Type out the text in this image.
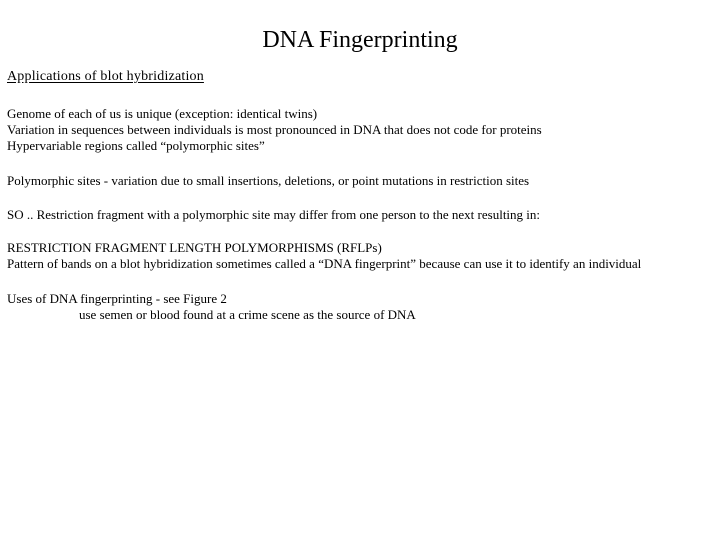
DNA Fingerprinting
Applications of blot hybridization
Genome of each of us is unique (exception: identical twins)
Variation in sequences between individuals is most pronounced in DNA that does not code for proteins
Hypervariable regions called “polymorphic sites”
Polymorphic sites - variation due to small insertions, deletions, or point mutations in restriction sites
SO .. Restriction fragment with a polymorphic site may differ from one person to the next resulting in:
RESTRICTION FRAGMENT LENGTH POLYMORPHISMS (RFLPs)
Pattern of bands on a blot hybridization sometimes called a “DNA fingerprint” because can use it to identify an individual
Uses of DNA fingerprinting - see Figure 2
use semen or blood found at a crime scene as the source of DNA
